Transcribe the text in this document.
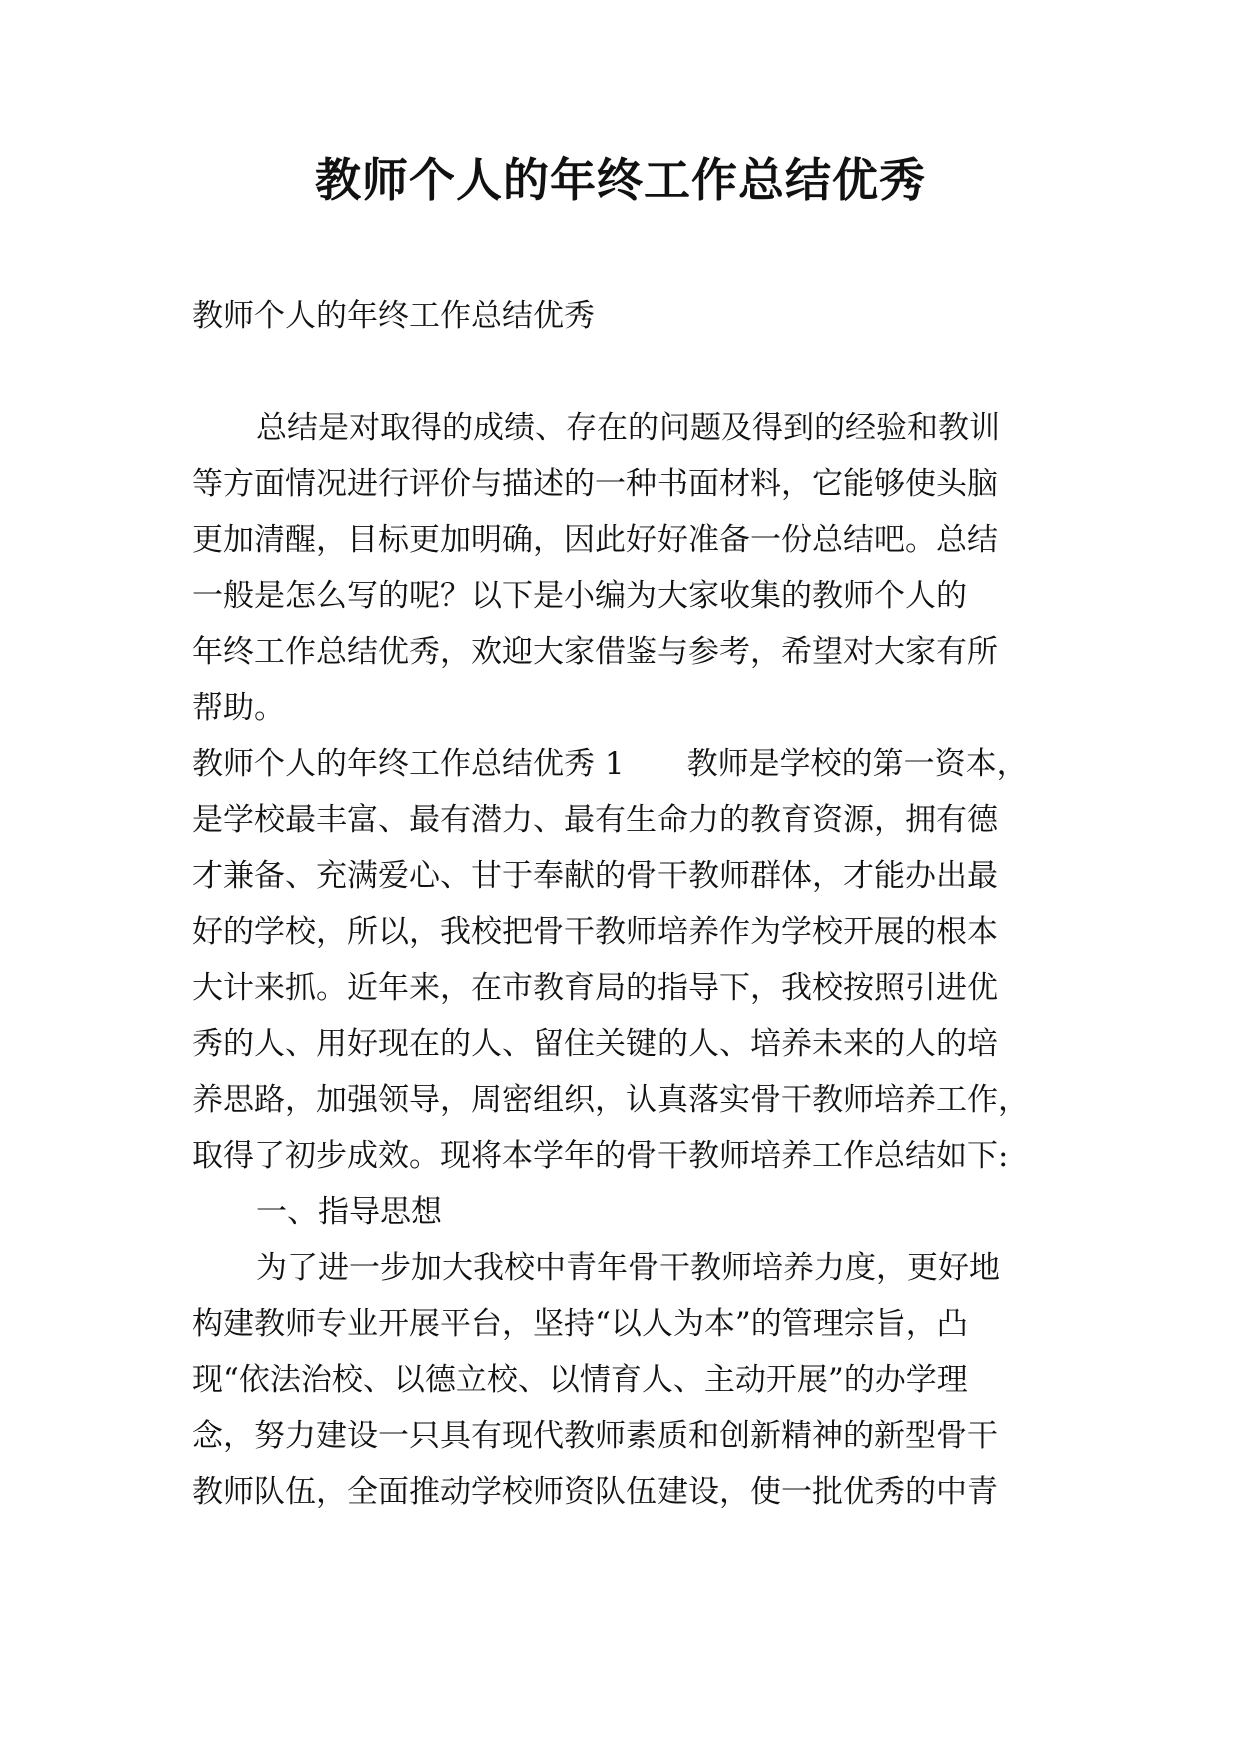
教师个人的年终工作总结优秀
教师个人的年终工作总结优秀
总结是对取得的成绩、存在的问题及得到的经验和教训
等方面情况进行评价与描述的一种书面材料，它能够使头脑
更加清醒，目标更加明确，因此好好准备一份总结吧。总结
一般是怎么写的呢？以下是小编为大家收集的教师个人的
年终工作总结优秀，欢迎大家借鉴与参考，希望对大家有所
帮助。
教师个人的年终工作总结优秀 1　　教师是学校的第一资本，
是学校最丰富、最有潜力、最有生命力的教育资源，拥有德
才兼备、充满爱心、甘于奉献的骨干教师群体，才能办出最
好的学校，所以，我校把骨干教师培养作为学校开展的根本
大计来抓。近年来，在市教育局的指导下，我校按照引进优
秀的人、用好现在的人、留住关键的人、培养未来的人的培
养思路，加强领导，周密组织，认真落实骨干教师培养工作，
取得了初步成效。现将本学年的骨干教师培养工作总结如下:
一、指导思想
为了进一步加大我校中青年骨干教师培养力度，更好地
构建教师专业开展平台，坚持“以人为本”的管理宗旨，凸
现“依法治校、以德立校、以情育人、主动开展”的办学理
念，努力建设一只具有现代教师素质和创新精神的新型骨干
教师队伍，全面推动学校师资队伍建设，使一批优秀的中青
